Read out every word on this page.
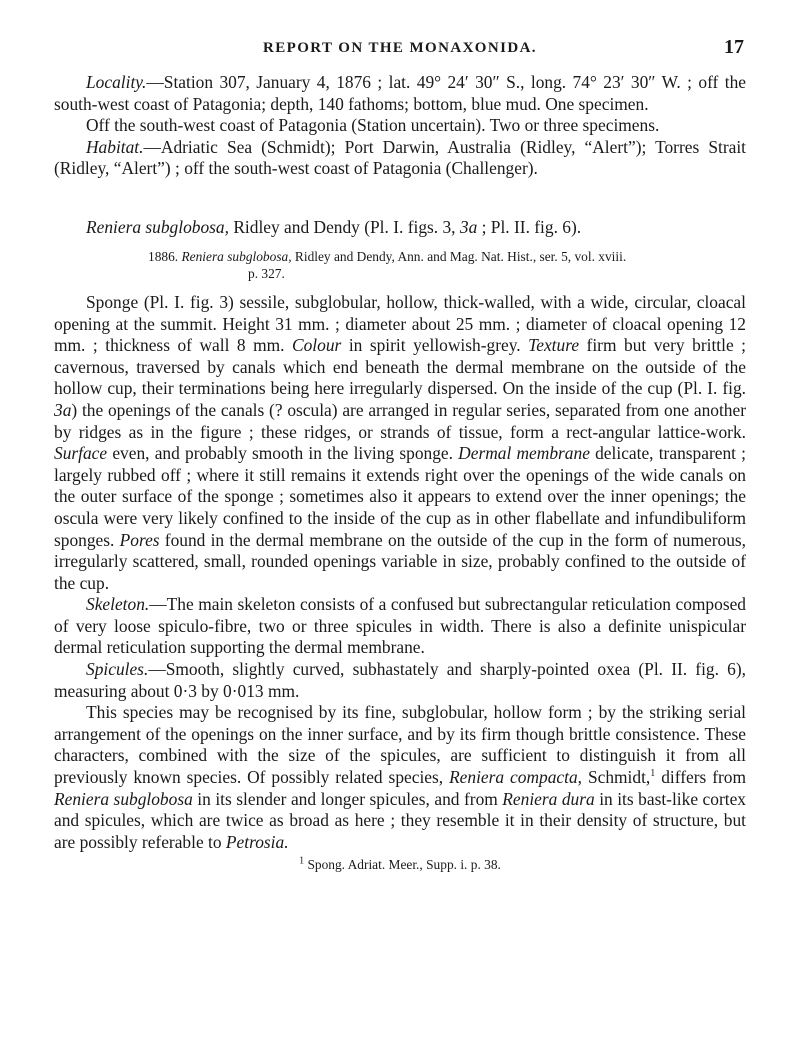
REPORT ON THE MONAXONIDA.	17

Locality.—Station 307, January 4, 1876 ; lat. 49° 24′ 30″ S., long. 74° 23′ 30″ W. ; off the south-west coast of Patagonia; depth, 140 fathoms; bottom, blue mud. One specimen.

Off the south-west coast of Patagonia (Station uncertain). Two or three specimens.

Habitat.—Adriatic Sea (Schmidt); Port Darwin, Australia (Ridley, “Alert”); Torres Strait (Ridley, “Alert”) ; off the south-west coast of Patagonia (Challenger).

Reniera subglobosa, Ridley and Dendy (Pl. I. figs. 3, 3a ; Pl. II. fig. 6).

1886. Reniera subglobosa, Ridley and Dendy, Ann. and Mag. Nat. Hist., ser. 5, vol. xviii.
p. 327.

Sponge (Pl. I. fig. 3) sessile, subglobular, hollow, thick-walled, with a wide, circular, cloacal opening at the summit. Height 31 mm. ; diameter about 25 mm. ; diameter of cloacal opening 12 mm. ; thickness of wall 8 mm. Colour in spirit yellowish-grey. Texture firm but very brittle ; cavernous, traversed by canals which end beneath the dermal membrane on the outside of the hollow cup, their terminations being here irregularly dispersed. On the inside of the cup (Pl. I. fig. 3a) the openings of the canals (? oscula) are arranged in regular series, separated from one another by ridges as in the figure ; these ridges, or strands of tissue, form a rect-angular lattice-work. Surface even, and probably smooth in the living sponge. Dermal membrane delicate, transparent ; largely rubbed off ; where it still remains it extends right over the openings of the wide canals on the outer surface of the sponge ; sometimes also it appears to extend over the inner openings; the oscula were very likely confined to the inside of the cup as in other flabellate and infundibuliform sponges. Pores found in the dermal membrane on the outside of the cup in the form of numerous, irregularly scattered, small, rounded openings variable in size, probably confined to the outside of the cup.

Skeleton.—The main skeleton consists of a confused but subrectangular reticulation composed of very loose spiculo-fibre, two or three spicules in width. There is also a definite unispicular dermal reticulation supporting the dermal membrane.

Spicules.—Smooth, slightly curved, subhastately and sharply-pointed oxea (Pl. II. fig. 6), measuring about 0·3 by 0·013 mm.

This species may be recognised by its fine, subglobular, hollow form ; by the striking serial arrangement of the openings on the inner surface, and by its firm though brittle consistence. These characters, combined with the size of the spicules, are sufficient to distinguish it from all previously known species. Of possibly related species, Reniera compacta, Schmidt,$^1$ differs from Reniera subglobosa in its slender and longer spicules, and from Reniera dura in its bast-like cortex and spicules, which are twice as broad as here ; they resemble it in their density of structure, but are possibly referable to Petrosia.

$^1$ Spong. Adriat. Meer., Supp. i. p. 38.
